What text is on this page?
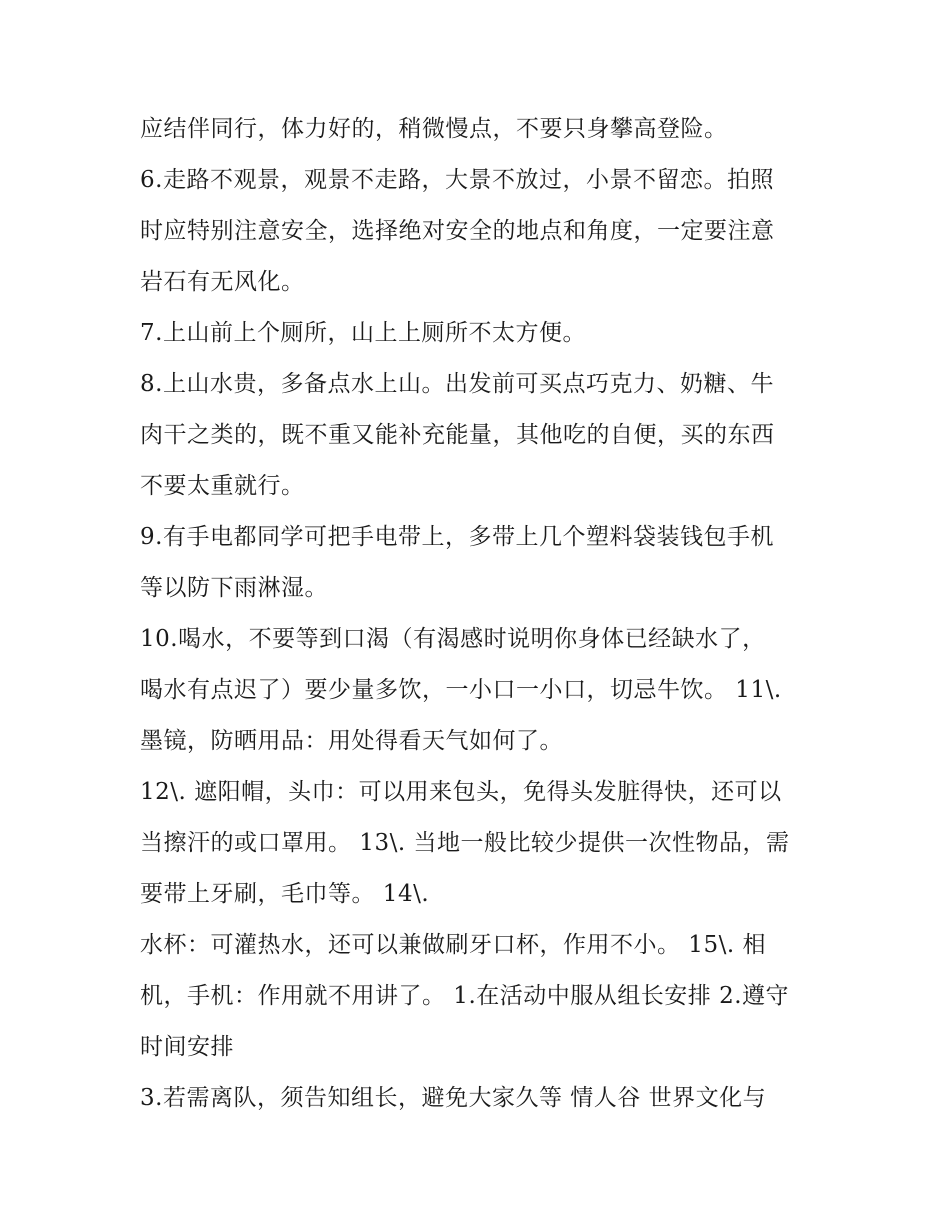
应结伴同行，体力好的，稍微慢点，不要只身攀高登险。
6.走路不观景，观景不走路，大景不放过，小景不留恋。拍照
时应特别注意安全，选择绝对安全的地点和角度，一定要注意
岩石有无风化。
7.上山前上个厕所，山上上厕所不太方便。
8.上山水贵，多备点水上山。出发前可买点巧克力、奶糖、牛
肉干之类的，既不重又能补充能量，其他吃的自便，买的东西
不要太重就行。
9.有手电都同学可把手电带上，多带上几个塑料袋装钱包手机
等以防下雨淋湿。
10.喝水，不要等到口渴（有渴感时说明你身体已经缺水了，
喝水有点迟了）要少量多饮，一小口一小口，切忌牛饮。 11\.
墨镜，防晒用品：用处得看天气如何了。
12\. 遮阳帽，头巾：可以用来包头，免得头发脏得快，还可以
当擦汗的或口罩用。 13\. 当地一般比较少提供一次性物品，需
要带上牙刷，毛巾等。 14\.
水杯：可灌热水，还可以兼做刷牙口杯，作用不小。 15\. 相
机，手机：作用就不用讲了。 1.在活动中服从组长安排 2.遵守
时间安排
3.若需离队，须告知组长，避免大家久等 情人谷 世界文化与
